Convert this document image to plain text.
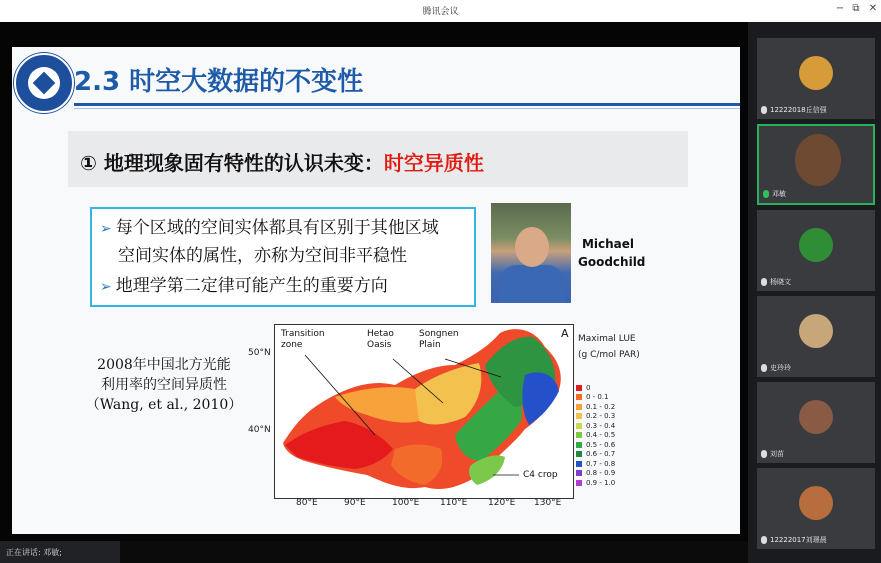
腾讯会议	− ⧉ ✕
2.3 时空大数据的不变性
① 地理现象固有特性的认识未变：时空异质性
➢ 每个区域的空间实体都具有区别于其他区域
空间实体的属性，亦称为空间非平稳性
➢ 地理学第二定律可能产生的重要方向
Michael
Goodchild
2008年中国北方光能
利用率的空间异质性
（Wang, et al., 2010）
50°N
40°N
Transition
zone
Hetao
Oasis
Songnen
Plain
C4 crop
A
80°E	90°E	100°E 110°E 120°E 130°E
Maximal LUE
(g C/mol PAR)
0
0 - 0.1
0.1 - 0.2
0.2 - 0.3
0.3 - 0.4
0.4 - 0.5
0.5 - 0.6
0.6 - 0.7
0.7 - 0.8
0.8 - 0.9
0.9 - 1.0
12222018丘信强
邓敏
杨晓文
史玲玲
刘苗
12222017刘璟晨
正在讲话: 邓敏;
